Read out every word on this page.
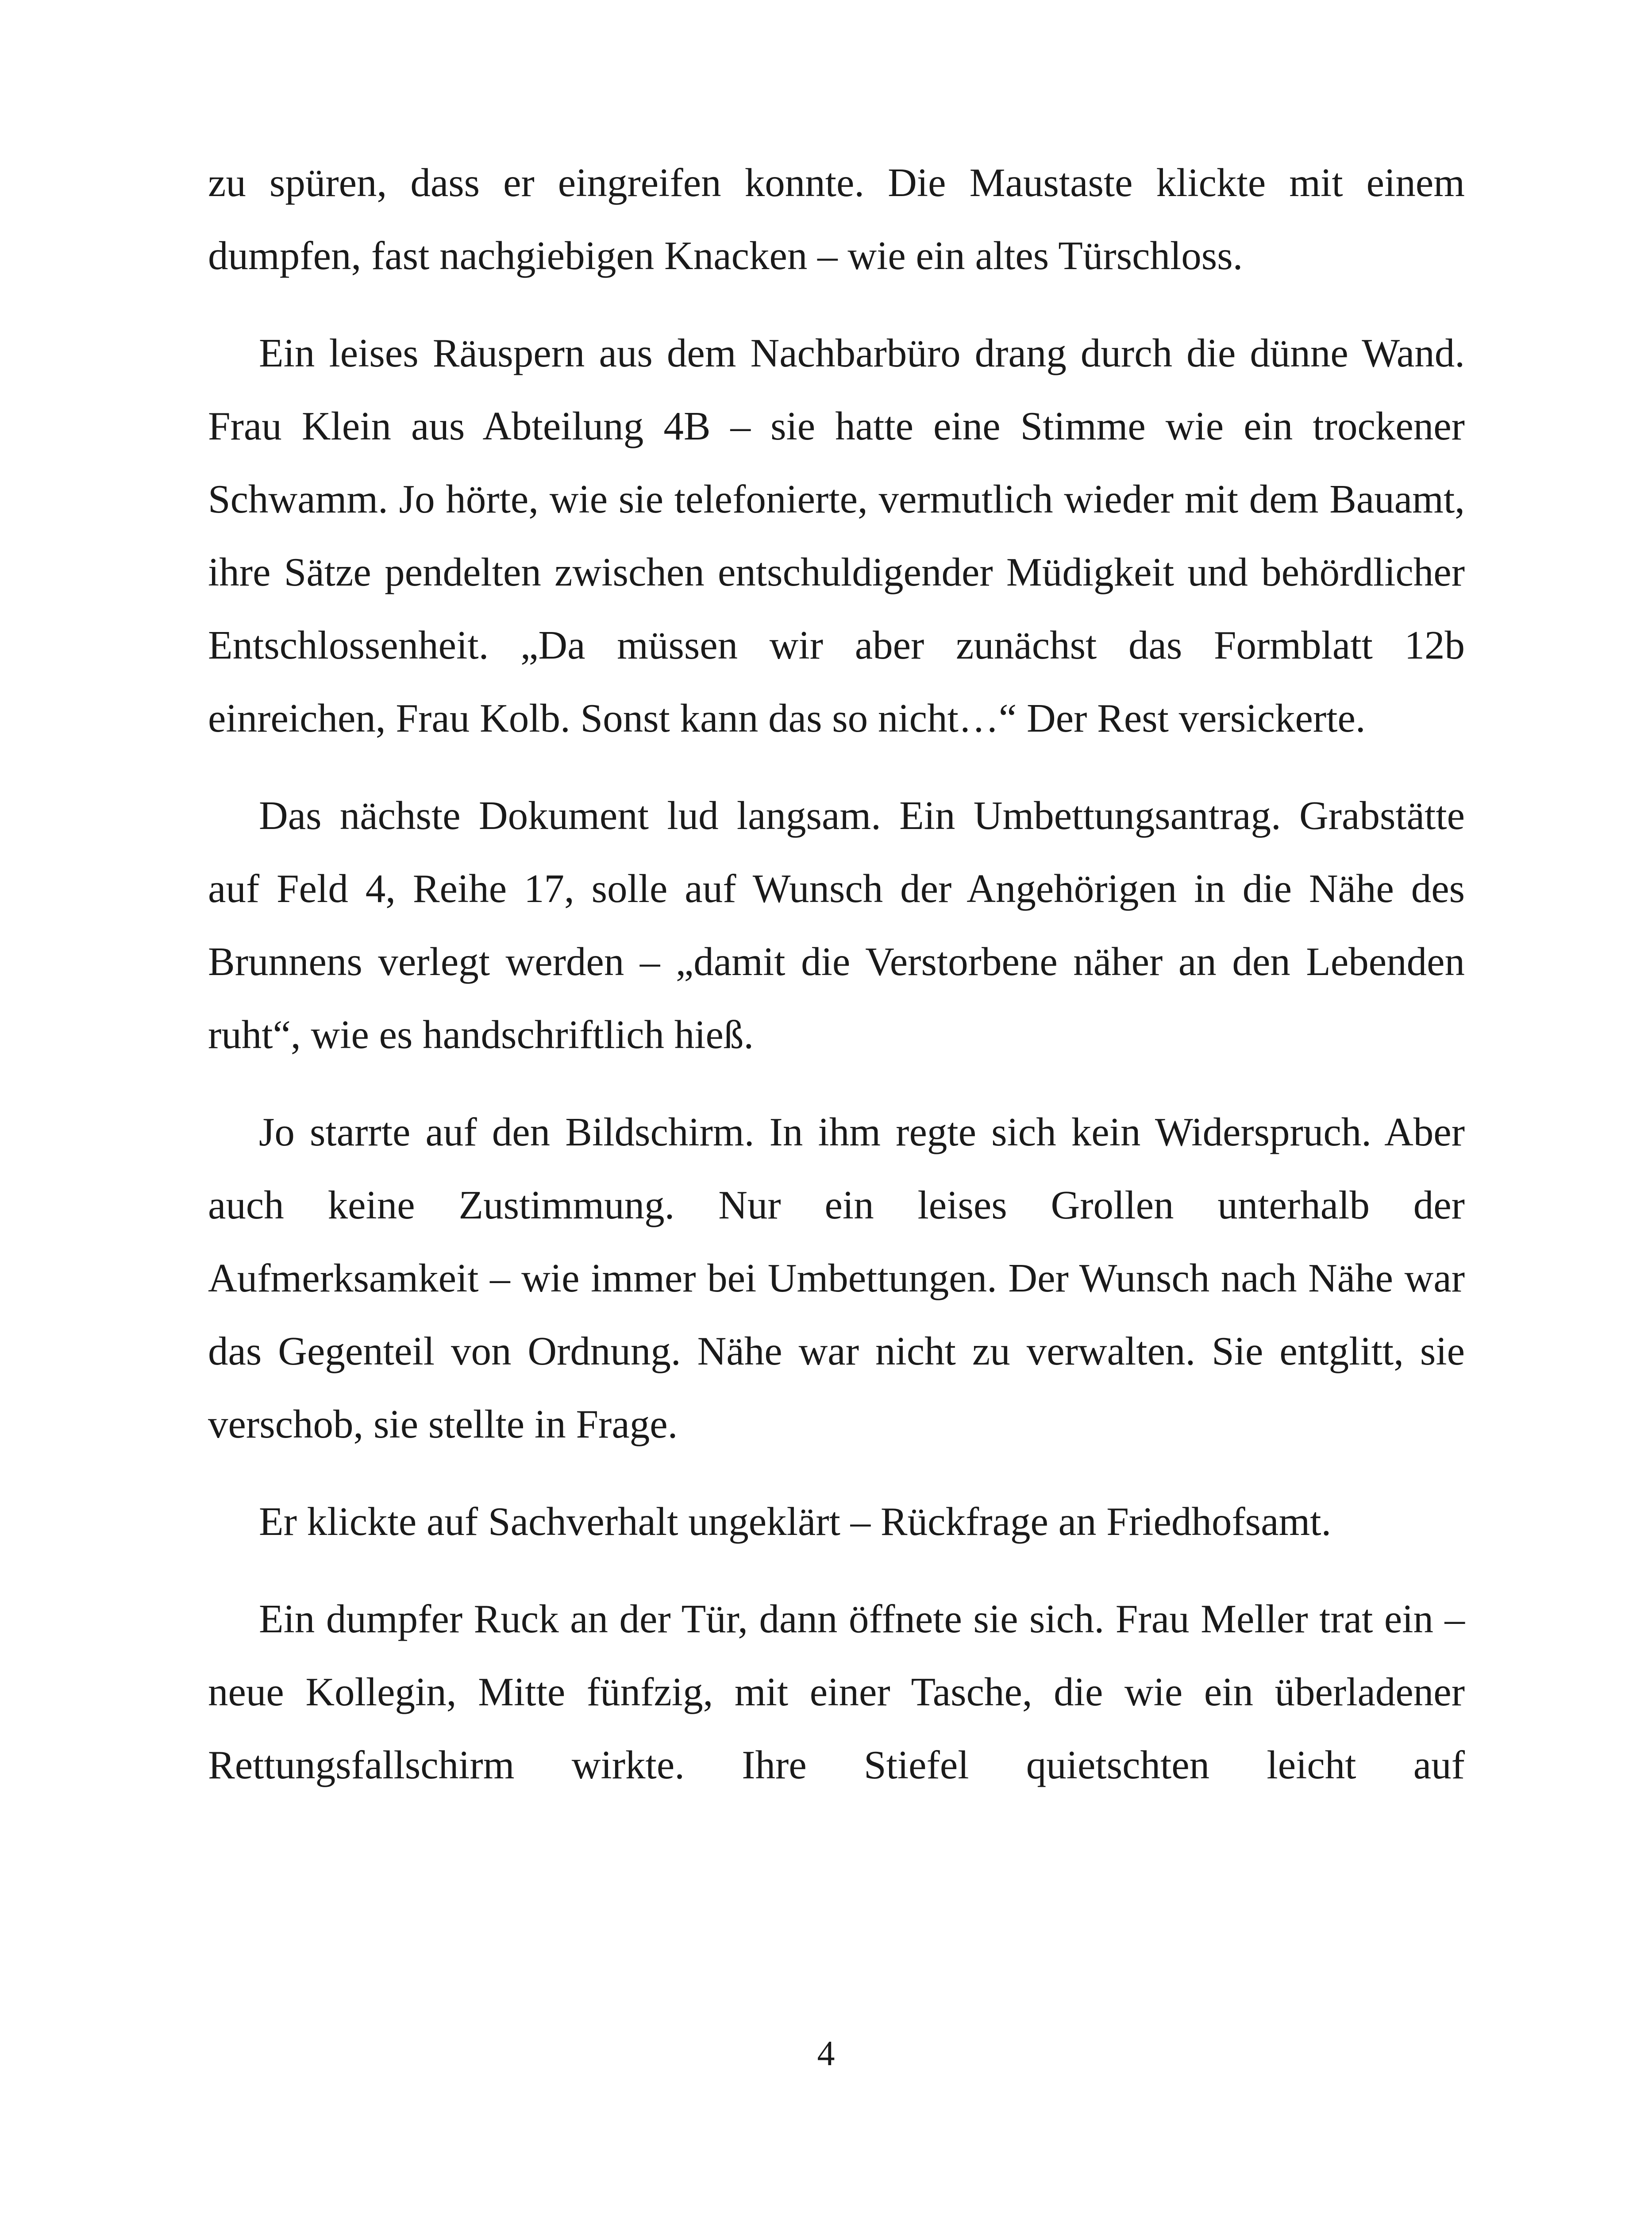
zu spüren, dass er eingreifen konnte. Die Maustaste klickte mit einem dumpfen, fast nachgiebigen Knacken – wie ein altes Türschloss.

Ein leises Räuspern aus dem Nachbarbüro drang durch die dünne Wand. Frau Klein aus Abteilung 4B – sie hatte eine Stimme wie ein trockener Schwamm. Jo hörte, wie sie telefonierte, vermutlich wieder mit dem Bauamt, ihre Sätze pendelten zwischen entschuldigender Müdigkeit und behördlicher Entschlossenheit. „Da müssen wir aber zunächst das Formblatt 12b einreichen, Frau Kolb. Sonst kann das so nicht…“ Der Rest versickerte.

Das nächste Dokument lud langsam. Ein Umbettungsantrag. Grabstätte auf Feld 4, Reihe 17, solle auf Wunsch der Angehörigen in die Nähe des Brunnens verlegt werden – „damit die Verstorbene näher an den Lebenden ruht“, wie es handschriftlich hieß.

Jo starrte auf den Bildschirm. In ihm regte sich kein Widerspruch. Aber auch keine Zustimmung. Nur ein leises Grollen unterhalb der Aufmerksamkeit – wie immer bei Umbettungen. Der Wunsch nach Nähe war das Gegenteil von Ordnung. Nähe war nicht zu verwalten. Sie entglitt, sie verschob, sie stellte in Frage.

Er klickte auf Sachverhalt ungeklärt – Rückfrage an Friedhofsamt.

Ein dumpfer Ruck an der Tür, dann öffnete sie sich. Frau Meller trat ein – neue Kollegin, Mitte fünfzig, mit einer Tasche, die wie ein überladener Rettungsfallschirm wirkte. Ihre Stiefel quietschten leicht auf

4
